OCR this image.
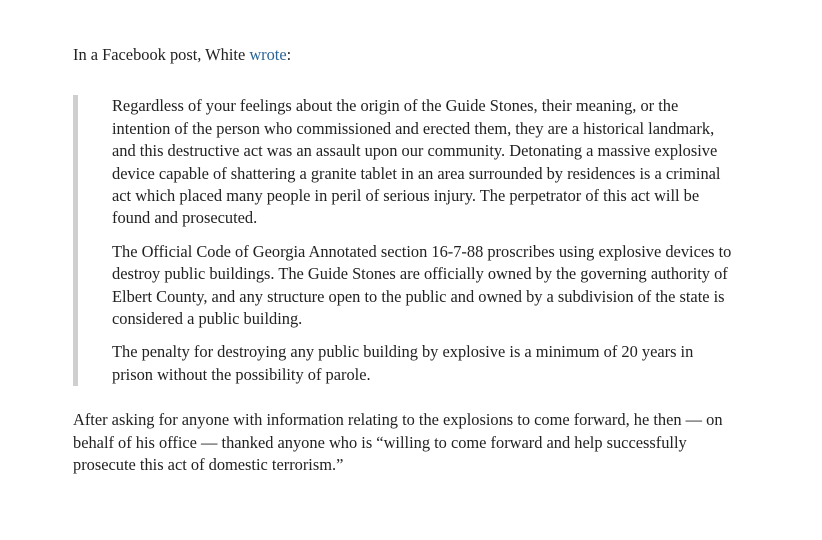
In a Facebook post, White wrote:

Regardless of your feelings about the origin of the Guide Stones, their meaning, or the intention of the person who commissioned and erected them, they are a historical landmark, and this destructive act was an assault upon our community. Detonating a massive explosive device capable of shattering a granite tablet in an area surrounded by residences is a criminal act which placed many people in peril of serious injury. The perpetrator of this act will be found and prosecuted.

The Official Code of Georgia Annotated section 16-7-88 proscribes using explosive devices to destroy public buildings. The Guide Stones are officially owned by the governing authority of Elbert County, and any structure open to the public and owned by a subdivision of the state is considered a public building.

The penalty for destroying any public building by explosive is a minimum of 20 years in prison without the possibility of parole.

After asking for anyone with information relating to the explosions to come forward, he then — on behalf of his office — thanked anyone who is “willing to come forward and help successfully prosecute this act of domestic terrorism.”
